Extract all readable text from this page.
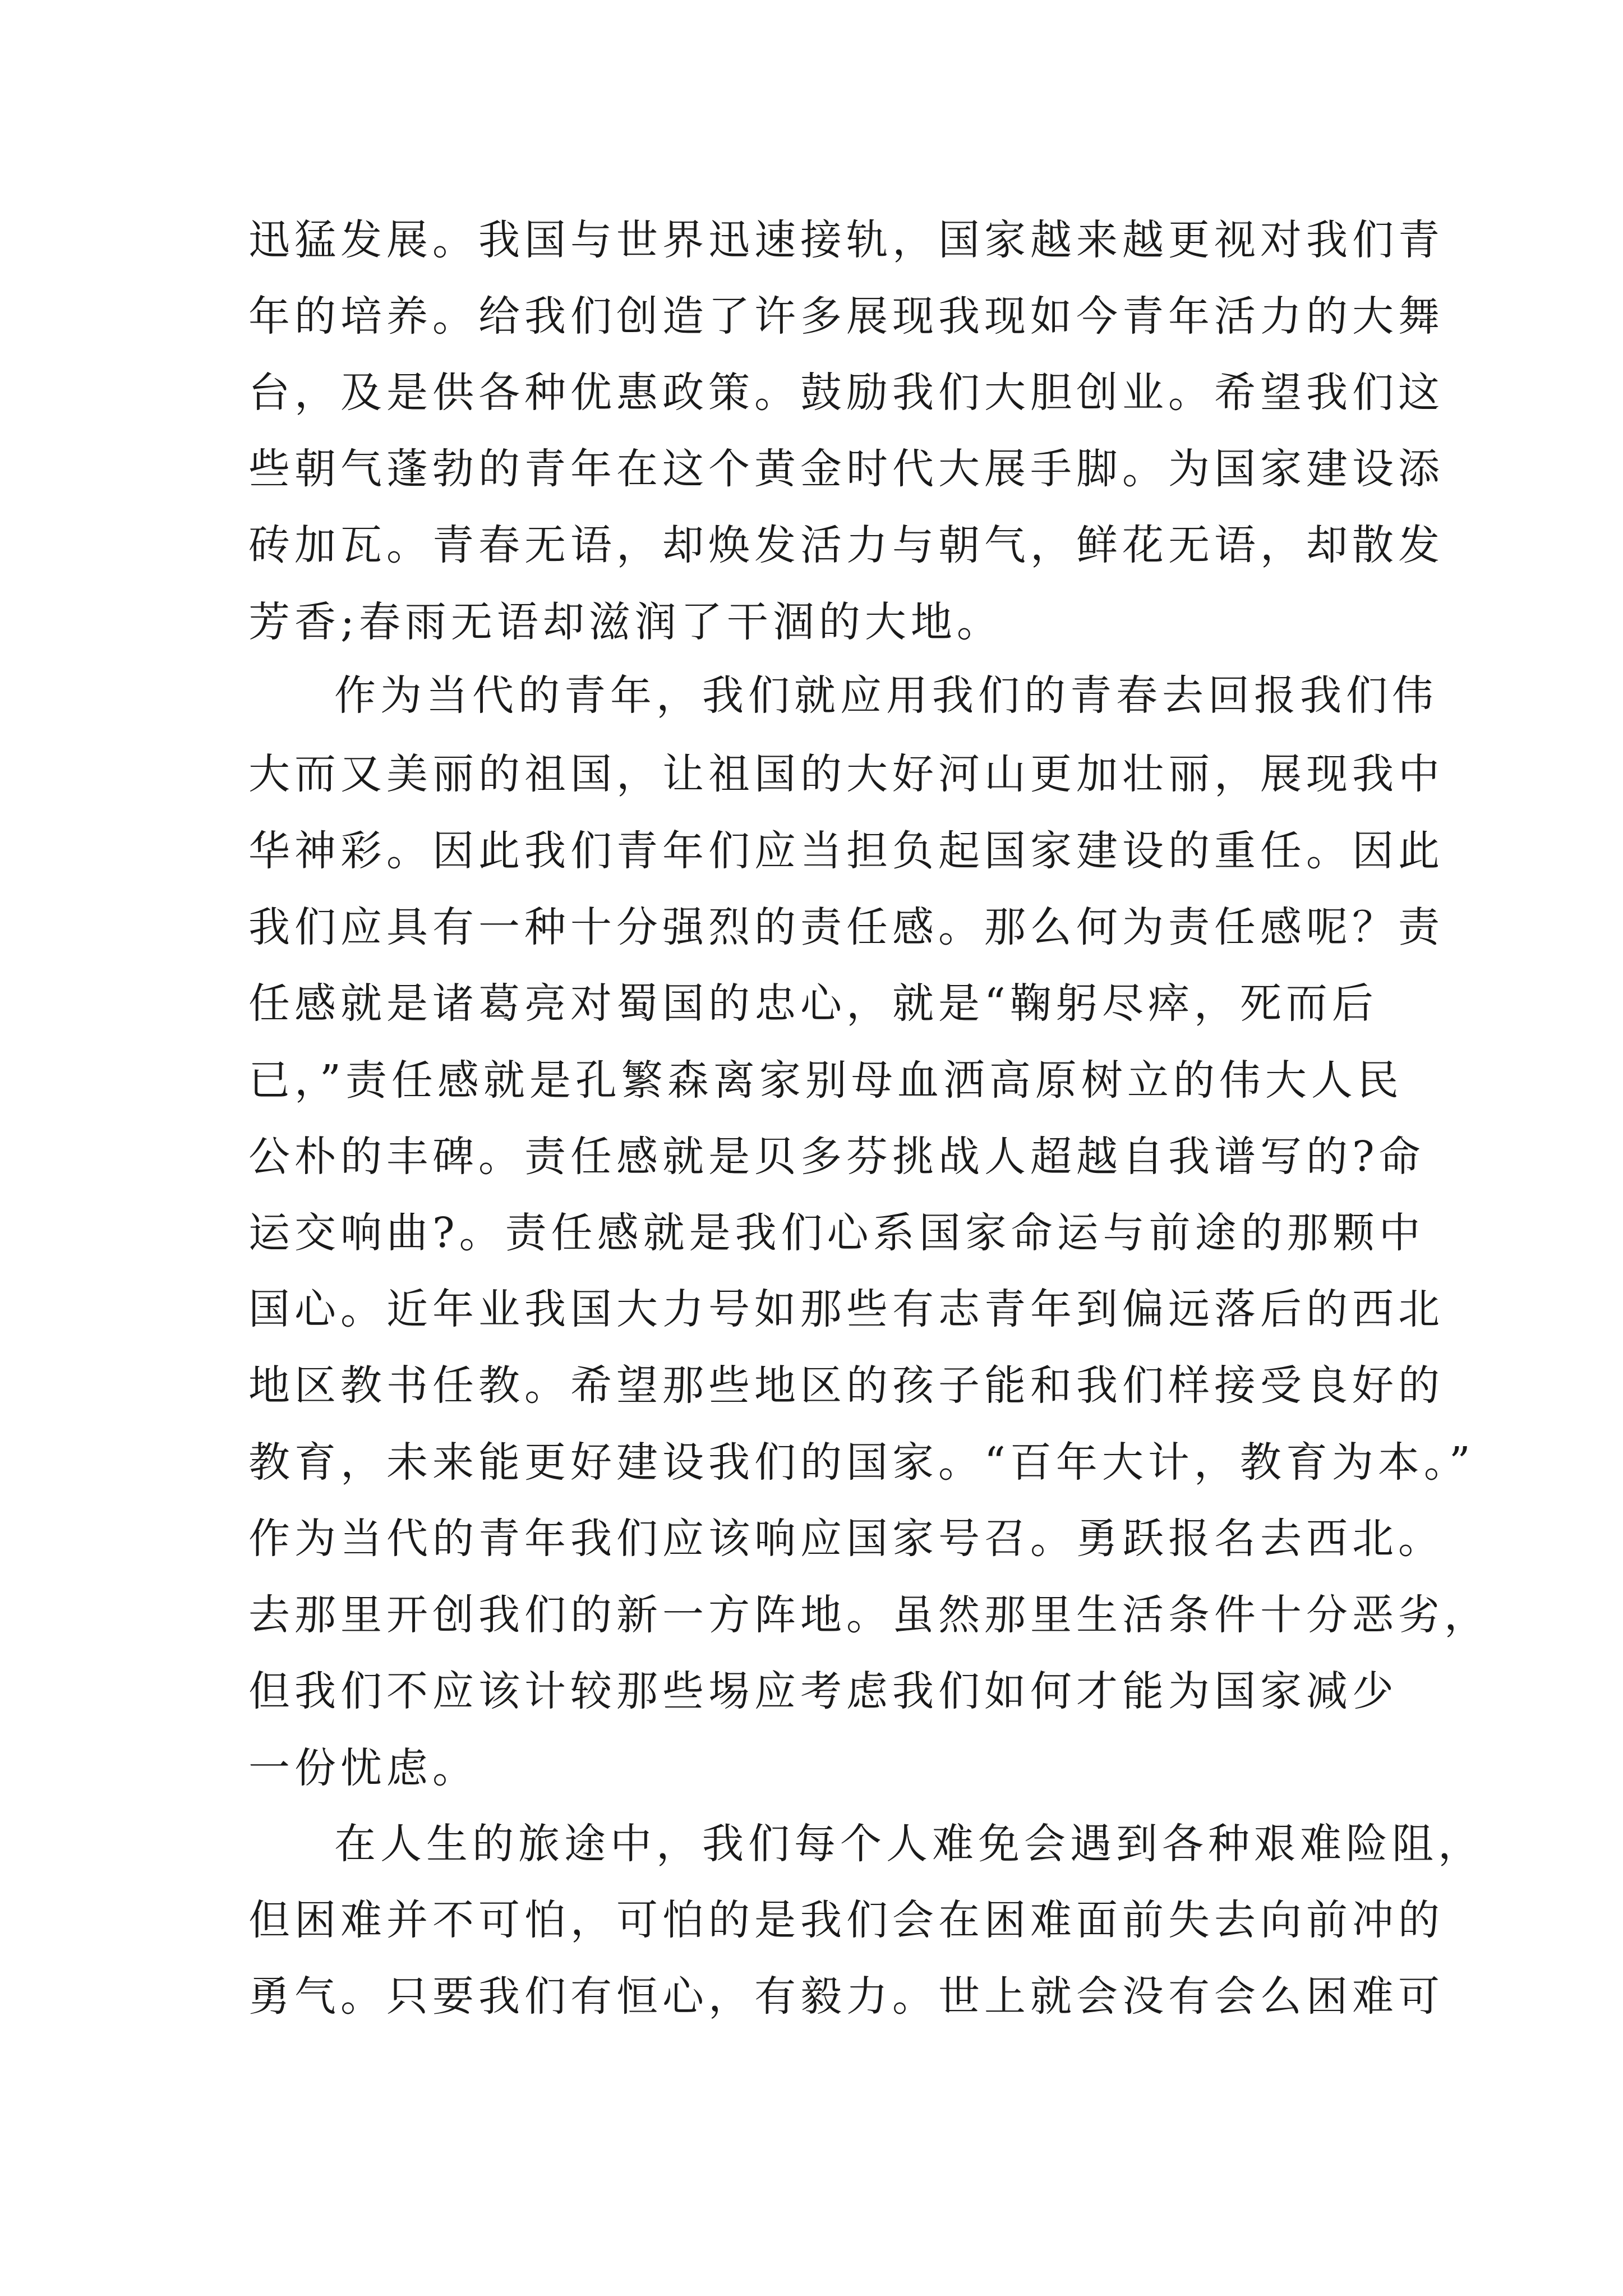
迅猛发展。我国与世界迅速接轨，国家越来越更视对我们青
年的培养。给我们创造了许多展现我现如今青年活力的大舞
台，及是供各种优惠政策。鼓励我们大胆创业。希望我们这
些朝气蓬勃的青年在这个黄金时代大展手脚。为国家建设添
砖加瓦。青春无语，却焕发活力与朝气，鲜花无语，却散发
芳香;春雨无语却滋润了干涸的大地。
作为当代的青年，我们就应用我们的青春去回报我们伟
大而又美丽的祖国，让祖国的大好河山更加壮丽，展现我中
华神彩。因此我们青年们应当担负起国家建设的重任。因此
我们应具有一种十分强烈的责任感。那么何为责任感呢？责
任感就是诸葛亮对蜀国的忠心，就是“鞠躬尽瘁，死而后
已，”责任感就是孔繁森离家别母血洒高原树立的伟大人民
公朴的丰碑。责任感就是贝多芬挑战人超越自我谱写的?命
运交响曲?。责任感就是我们心系国家命运与前途的那颗中
国心。近年业我国大力号如那些有志青年到偏远落后的西北
地区教书任教。希望那些地区的孩子能和我们样接受良好的
教育，未来能更好建设我们的国家。“百年大计，教育为本。”
作为当代的青年我们应该响应国家号召。勇跃报名去西北。
去那里开创我们的新一方阵地。虽然那里生活条件十分恶劣，
但我们不应该计较那些埸应考虑我们如何才能为国家减少
一份忧虑。
在人生的旅途中，我们每个人难免会遇到各种艰难险阻，
但困难并不可怕，可怕的是我们会在困难面前失去向前冲的
勇气。只要我们有恒心，有毅力。世上就会没有会么困难可
